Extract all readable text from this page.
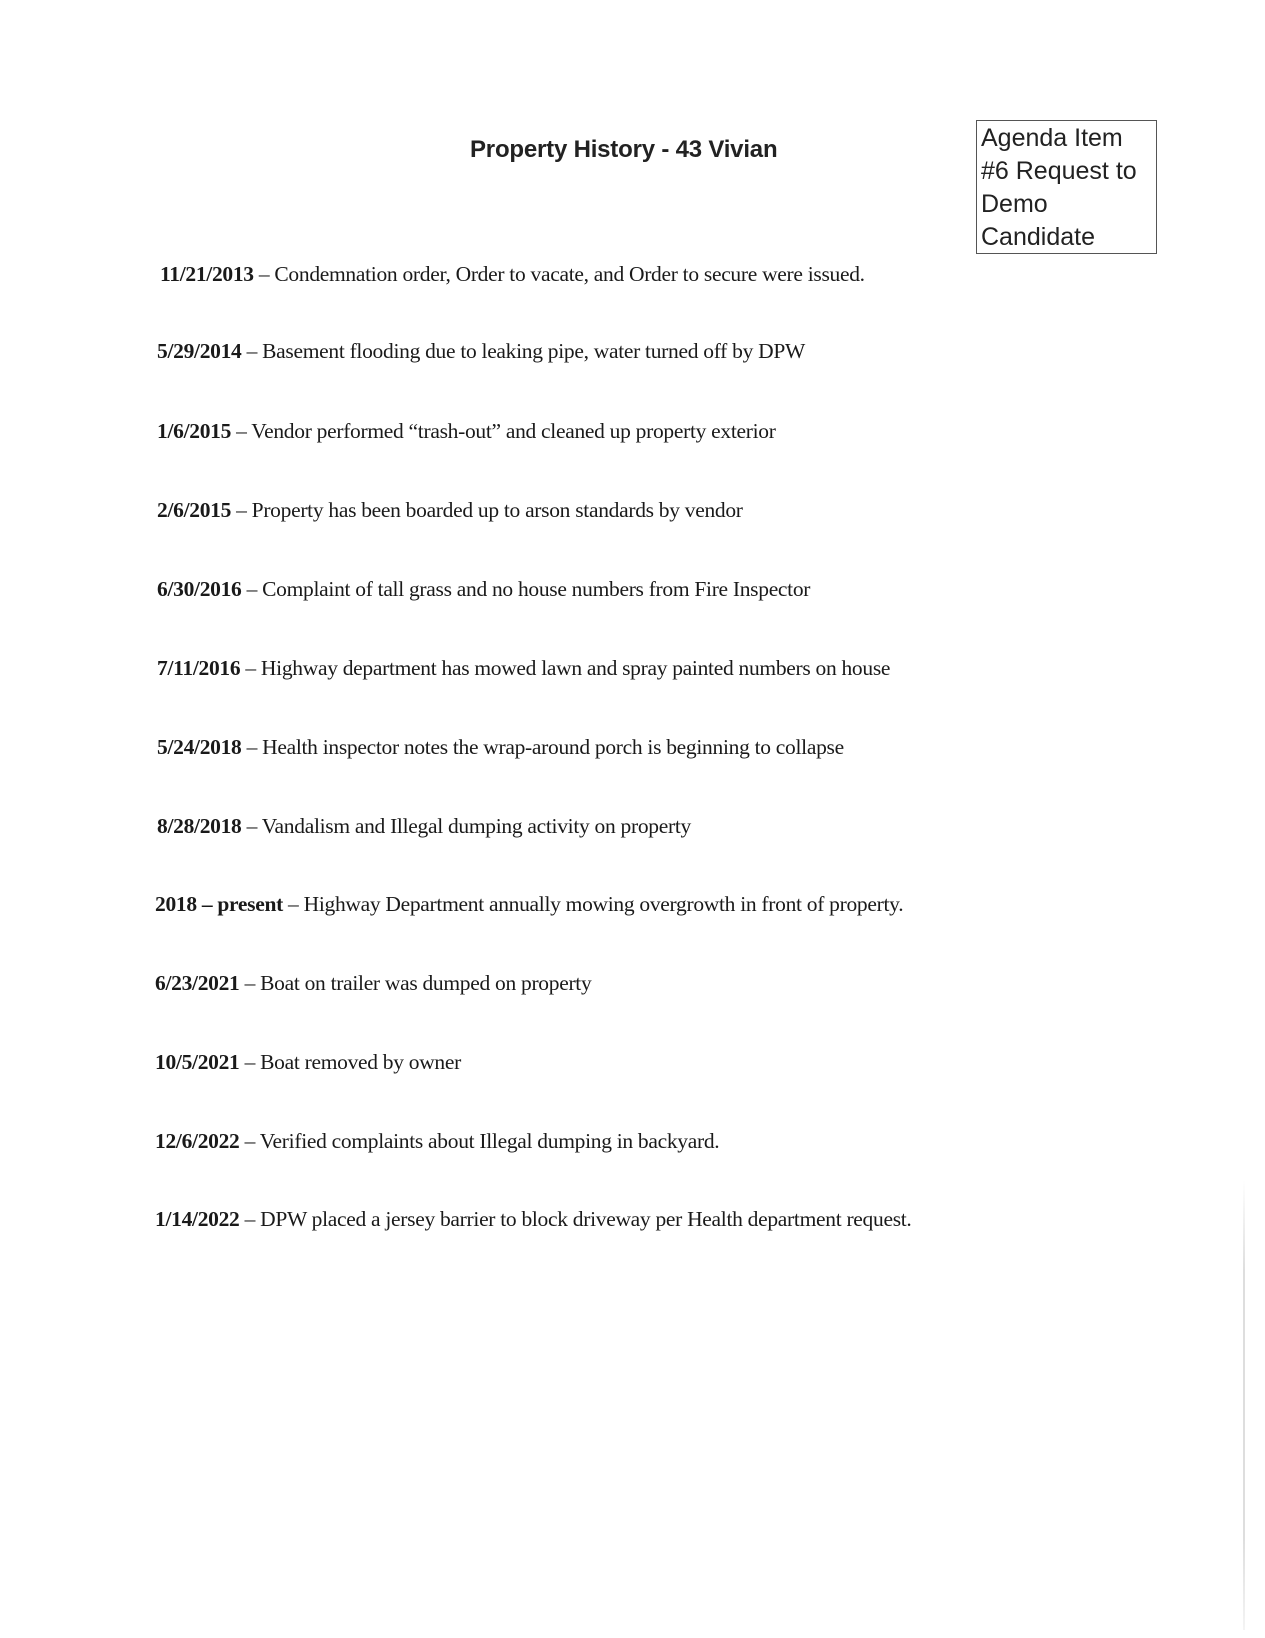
Property History - 43 Vivian	Agenda Item
#6 Request to
Demo
Candidate
11/21/2013 – Condemnation order, Order to vacate, and Order to secure were issued.
5/29/2014 – Basement flooding due to leaking pipe, water turned off by DPW
1/6/2015 – Vendor performed “trash-out” and cleaned up property exterior
2/6/2015 – Property has been boarded up to arson standards by vendor
6/30/2016 – Complaint of tall grass and no house numbers from Fire Inspector
7/11/2016 – Highway department has mowed lawn and spray painted numbers on house
5/24/2018 – Health inspector notes the wrap-around porch is beginning to collapse
8/28/2018 – Vandalism and Illegal dumping activity on property
2018 – present – Highway Department annually mowing overgrowth in front of property.
6/23/2021 – Boat on trailer was dumped on property
10/5/2021 – Boat removed by owner
12/6/2022 – Verified complaints about Illegal dumping in backyard.
1/14/2022 – DPW placed a jersey barrier to block driveway per Health department request.
